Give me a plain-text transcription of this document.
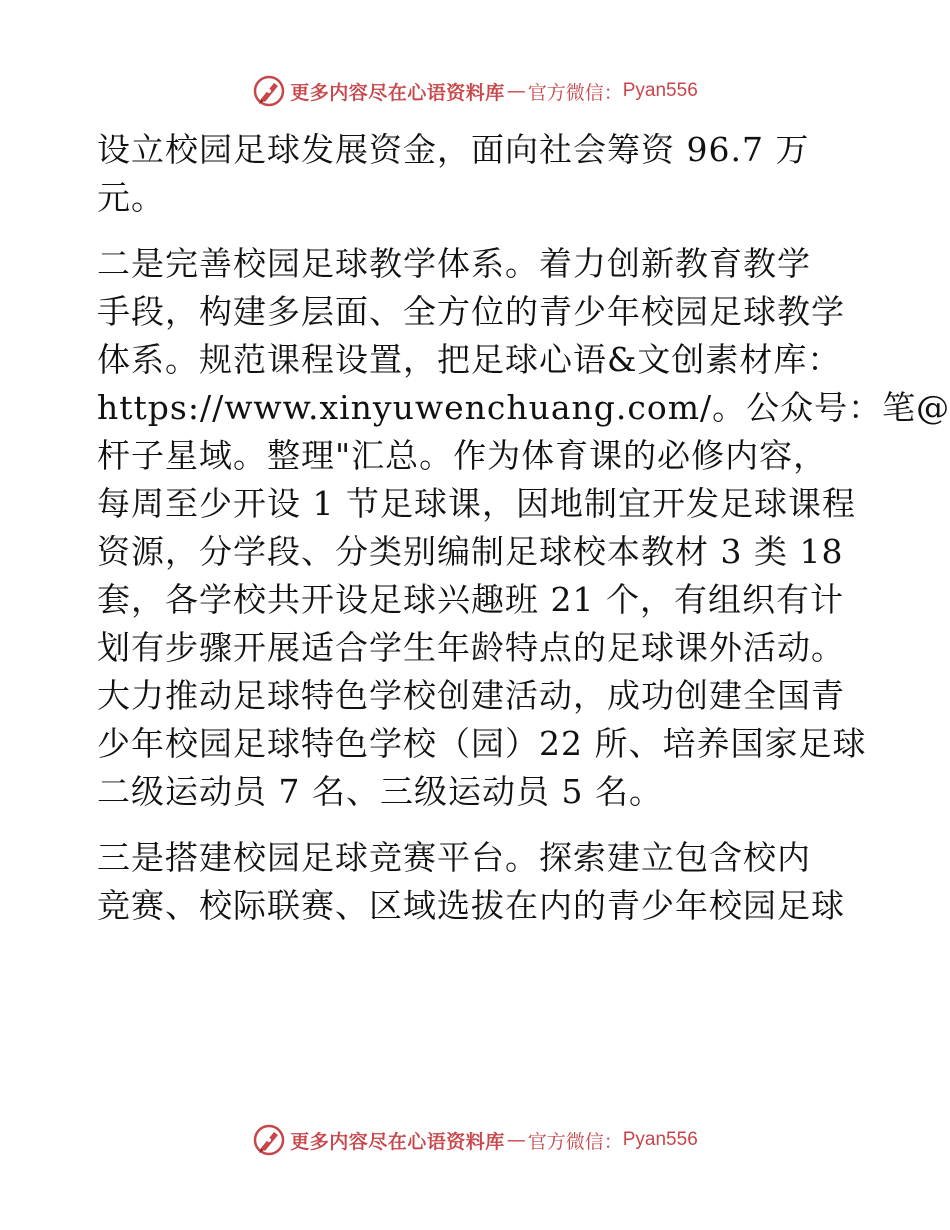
更多内容尽在心语资料库 — 官方微信： Pyan556
设立校园足球发展资金，面向社会筹资 96.7 万
元。
二是完善校园足球教学体系。着力创新教育教学
手段，构建多层面、全方位的青少年校园足球教学
体系。规范课程设置，把足球心语&文创素材库：
https://www.xinyuwenchuang.com/。公众号：笔@
杆子星域。整理"汇总。作为体育课的必修内容，
每周至少开设 1 节足球课，因地制宜开发足球课程
资源，分学段、分类别编制足球校本教材 3 类 18
套，各学校共开设足球兴趣班 21 个，有组织有计
划有步骤开展适合学生年龄特点的足球课外活动。
大力推动足球特色学校创建活动，成功创建全国青
少年校园足球特色学校（园）22 所、培养国家足球
二级运动员 7 名、三级运动员 5 名。
三是搭建校园足球竞赛平台。探索建立包含校内
竞赛、校际联赛、区域选拔在内的青少年校园足球
更多内容尽在心语资料库 — 官方微信： Pyan556
